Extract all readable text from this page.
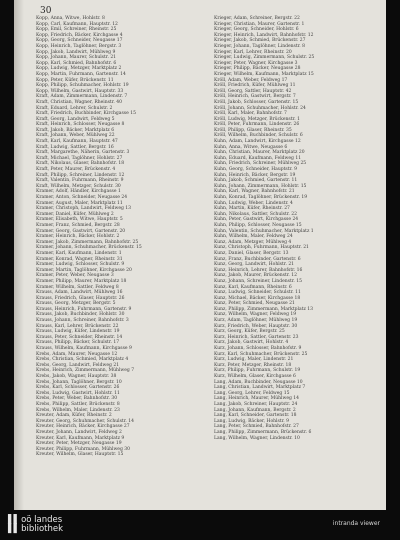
30

Kopp, Anna, Witwe, Hohlstr. 8

Kopp, Carl, Kaufmann, Hauptstr. 12

Kopp, Emil, Schreiner, Rheinstr. 25

Kopp, Friedrich, Bäcker, Kirchgasse 4

Kopp, Georg, Schneider, Neugasse 17

Kopp, Heinrich, Taglöhner, Bergstr. 3

Kopp, Jakob, Landwirt, Mühlweg 9

Kopp, Johann, Maurer, Schulstr. 21

Kopp, Karl, Schmied, Bahnhofstr. 6

Kopp, Ludwig, Metzger, Marktplatz 2

Kopp, Martin, Fuhrmann, Gartenstr. 14

Kopp, Peter, Küfer, Brückenstr. 11

Kopp, Philipp, Schuhmacher, Hohlstr. 19

Kopp, Wilhelm, Gastwirt, Hauptstr. 33

Kraft, Adam, Zimmermann, Lindenstr. 7

Kraft, Christian, Wagner, Rheinstr. 40

Kraft, Eduard, Lehrer, Schulstr. 2

Kraft, Friedrich, Buchbinder, Kirchgasse 15

Kraft, Georg, Landwirt, Feldweg 5

Kraft, Heinrich, Schlosser, Neugasse 8

Kraft, Jakob, Bäcker, Marktplatz 6

Kraft, Johann, Weber, Mühlweg 22

Kraft, Karl, Kaufmann, Hauptstr. 47

Kraft, Ludwig, Sattler, Bergstr. 16

Kraft, Margarethe, Näherin, Gartenstr. 3

Kraft, Michael, Taglöhner, Hohlstr. 27

Kraft, Nikolaus, Glaser, Bahnhofstr. 18

Kraft, Peter, Maurer, Brückenstr. 4

Kraft, Philipp, Schreiner, Lindenstr. 12

Kraft, Valentin, Fuhrmann, Rheinstr. 9

Kraft, Wilhelm, Metzger, Schulstr. 30

Kramer, Adolf, Händler, Kirchgasse 1

Kramer, Anton, Schneider, Neugasse 24

Kramer, August, Maler, Marktplatz 11

Kramer, Christoph, Landwirt, Feldweg 13

Kramer, Daniel, Küfer, Mühlweg 2

Kramer, Elisabeth, Witwe, Hauptstr. 5

Kramer, Franz, Schmied, Bergstr. 28

Kramer, Georg, Gastwirt, Gartenstr. 20

Kramer, Heinrich, Bäcker, Hohlstr. 2

Kramer, Jakob, Zimmermann, Bahnhofstr. 25

Kramer, Johann, Schuhmacher, Brückenstr. 15

Kramer, Karl, Kaufmann, Lindenstr. 1

Kramer, Konrad, Wagner, Rheinstr. 31

Kramer, Ludwig, Schlosser, Schulstr. 9

Kramer, Martin, Taglöhner, Kirchgasse 20

Kramer, Peter, Weber, Neugasse 3

Kramer, Philipp, Maurer, Marktplatz 18

Kramer, Wilhelm, Sattler, Feldweg 8

Krauss, Adam, Landwirt, Mühlweg 16

Krauss, Friedrich, Glaser, Hauptstr. 26

Krauss, Georg, Metzger, Bergstr. 5

Krauss, Heinrich, Fuhrmann, Gartenstr. 9

Krauss, Jakob, Buchbinder, Hohlstr. 30

Krauss, Johann, Schreiner, Bahnhofstr. 3

Krauss, Karl, Lehrer, Brückenstr. 22

Krauss, Ludwig, Küfer, Lindenstr. 19

Krauss, Peter, Schneider, Rheinstr. 14

Krauss, Philipp, Bäcker, Schulstr. 17

Krauss, Wilhelm, Kaufmann, Kirchgasse 9

Krebs, Adam, Maurer, Neugasse 12

Krebs, Christian, Schmied, Marktplatz 4

Krebs, Georg, Landwirt, Feldweg 21

Krebs, Heinrich, Zimmermann, Mühlweg 7

Krebs, Jakob, Wagner, Hauptstr. 38

Krebs, Johann, Taglöhner, Bergstr. 10

Krebs, Karl, Schlosser, Gartenstr. 26

Krebs, Ludwig, Gastwirt, Hohlstr. 11

Krebs, Peter, Weber, Bahnhofstr. 30

Krebs, Philipp, Sattler, Brückenstr. 8

Krebs, Wilhelm, Maler, Lindenstr. 23

Kreuter, Adam, Küfer, Rheinstr. 2

Kreuter, Georg, Schuhmacher, Schulstr. 14

Kreuter, Heinrich, Bäcker, Kirchgasse 27

Kreuter, Johann, Landwirt, Feldweg 2

Kreuter, Karl, Kaufmann, Marktplatz 9

Kreuter, Peter, Metzger, Neugasse 19

Kreuter, Philipp, Fuhrmann, Mühlweg 30

Kreuter, Wilhelm, Glaser, Hauptstr. 15

Krieger, Adam, Schreiner, Bergstr. 22

Krieger, Christian, Maurer, Gartenstr. 1

Krieger, Georg, Schneider, Hohlstr. 6

Krieger, Heinrich, Landwirt, Bahnhofstr. 12

Krieger, Jakob, Schmied, Brückenstr. 27

Krieger, Johann, Taglöhner, Lindenstr. 8

Krieger, Karl, Lehrer, Rheinstr. 20

Krieger, Ludwig, Zimmermann, Schulstr. 25

Krieger, Peter, Wagner, Kirchgasse 3

Krieger, Philipp, Bäcker, Neugasse 28

Krieger, Wilhelm, Kaufmann, Marktplatz 15

Kröll, Adam, Weber, Feldweg 17

Kröll, Friedrich, Küfer, Mühlweg 11

Kröll, Georg, Sattler, Hauptstr. 42

Kröll, Heinrich, Gastwirt, Bergstr. 7

Kröll, Jakob, Schlosser, Gartenstr. 15

Kröll, Johann, Schuhmacher, Hohlstr. 24

Kröll, Karl, Maler, Bahnhofstr. 7

Kröll, Ludwig, Metzger, Brückenstr. 1

Kröll, Peter, Fuhrmann, Lindenstr. 26

Kröll, Philipp, Glaser, Rheinstr. 35

Kröll, Wilhelm, Buchbinder, Schulstr. 6

Kuhn, Adam, Landwirt, Kirchgasse 12

Kuhn, Anna, Witwe, Neugasse 6

Kuhn, Christian, Maurer, Marktplatz 20

Kuhn, Eduard, Kaufmann, Feldweg 11

Kuhn, Friedrich, Schreiner, Mühlweg 25

Kuhn, Georg, Schneider, Hauptstr. 9

Kuhn, Heinrich, Bäcker, Bergstr. 19

Kuhn, Jakob, Schmied, Gartenstr. 11

Kuhn, Johann, Zimmermann, Hohlstr. 15

Kuhn, Karl, Wagner, Bahnhofstr. 21

Kuhn, Konrad, Taglöhner, Brückenstr. 19

Kuhn, Ludwig, Weber, Lindenstr. 4

Kuhn, Martin, Küfer, Rheinstr. 27

Kuhn, Nikolaus, Sattler, Schulstr. 22

Kuhn, Peter, Gastwirt, Kirchgasse 24

Kuhn, Philipp, Schlosser, Neugasse 15

Kuhn, Valentin, Schuhmacher, Marktplatz 1

Kuhn, Wilhelm, Maler, Feldweg 24

Kunz, Adam, Metzger, Mühlweg 4

Kunz, Christoph, Fuhrmann, Hauptstr. 21

Kunz, Daniel, Glaser, Bergstr. 13

Kunz, Franz, Buchbinder, Gartenstr. 6

Kunz, Georg, Landwirt, Hohlstr. 21

Kunz, Heinrich, Lehrer, Bahnhofstr. 16

Kunz, Jakob, Maurer, Brückenstr. 12

Kunz, Johann, Schreiner, Lindenstr. 15

Kunz, Karl, Kaufmann, Rheinstr. 6

Kunz, Ludwig, Schneider, Schulstr. 11

Kunz, Michael, Bäcker, Kirchgasse 18

Kunz, Peter, Schmied, Neugasse 21

Kunz, Philipp, Zimmermann, Marktplatz 13

Kunz, Wilhelm, Wagner, Feldweg 19

Kurz, Adam, Taglöhner, Mühlweg 19

Kurz, Friedrich, Weber, Hauptstr. 30

Kurz, Georg, Küfer, Bergstr. 25

Kurz, Heinrich, Sattler, Gartenstr. 23

Kurz, Jakob, Gastwirt, Hohlstr. 4

Kurz, Johann, Schlosser, Bahnhofstr. 9

Kurz, Karl, Schuhmacher, Brückenstr. 25

Kurz, Ludwig, Maler, Lindenstr. 21

Kurz, Peter, Metzger, Rheinstr. 18

Kurz, Philipp, Fuhrmann, Schulstr. 19

Kurz, Wilhelm, Glaser, Kirchgasse 6

Lang, Adam, Buchbinder, Neugasse 10

Lang, Christian, Landwirt, Marktplatz 7

Lang, Georg, Lehrer, Feldweg 15

Lang, Heinrich, Maurer, Mühlweg 14

Lang, Jakob, Schreiner, Hauptstr. 24

Lang, Johann, Kaufmann, Bergstr. 2

Lang, Karl, Schneider, Gartenstr. 18

Lang, Ludwig, Bäcker, Hohlstr. 9

Lang, Peter, Schmied, Bahnhofstr. 27

Lang, Philipp, Zimmermann, Brückenstr. 6

Lang, Wilhelm, Wagner, Lindenstr. 10

▌▌ oö landes
▌▌ bibliothek
intranda viewer
